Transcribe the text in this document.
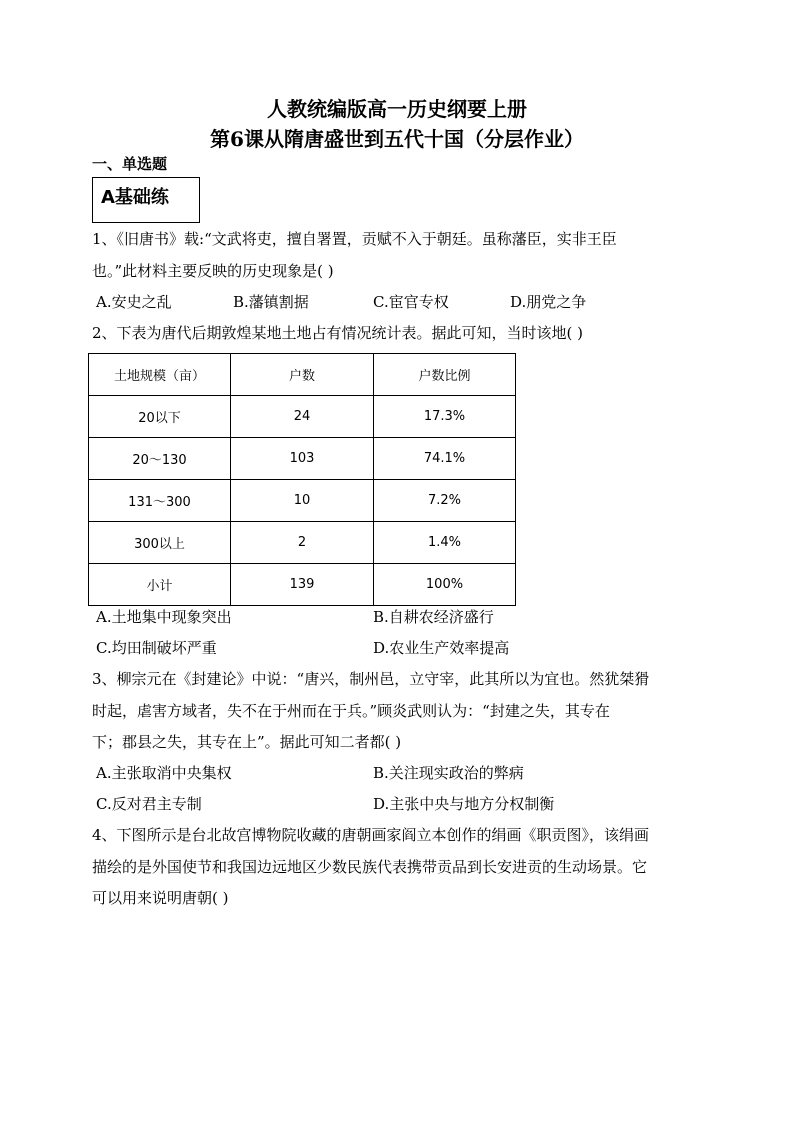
人教统编版高一历史纲要上册
第6课从隋唐盛世到五代十国（分层作业）
一、单选题
A基础练
1、《旧唐书》载:“文武将吏，擅自署置，贡赋不入于朝廷。虽称藩臣，实非王臣
也。”此材料主要反映的历史现象是( )
A.安史之乱	B.藩镇割据	C.宦官专权	D.朋党之争
2、下表为唐代后期敦煌某地土地占有情况统计表。据此可知，当时该地( )
土地规模（亩）	户数	户数比例
20以下	24	17.3%
20～130	103	74.1%
131～300	10	7.2%
300以上	2	1.4%
小计	139	100%
A.土地集中现象突出	B.自耕农经济盛行
C.均田制破坏严重	D.农业生产效率提高
3、柳宗元在《封建论》中说：“唐兴，制州邑，立守宰，此其所以为宜也。然犹桀猾
时起，虐害方域者，失不在于州而在于兵。”顾炎武则认为：“封建之失，其专在
下；郡县之失，其专在上”。据此可知二者都( )
A.主张取消中央集权	B.关注现实政治的弊病
C.反对君主专制	D.主张中央与地方分权制衡
4、下图所示是台北故宫博物院收藏的唐朝画家阎立本创作的绢画《职贡图》，该绢画
描绘的是外国使节和我国边远地区少数民族代表携带贡品到长安进贡的生动场景。它
可以用来说明唐朝( )
